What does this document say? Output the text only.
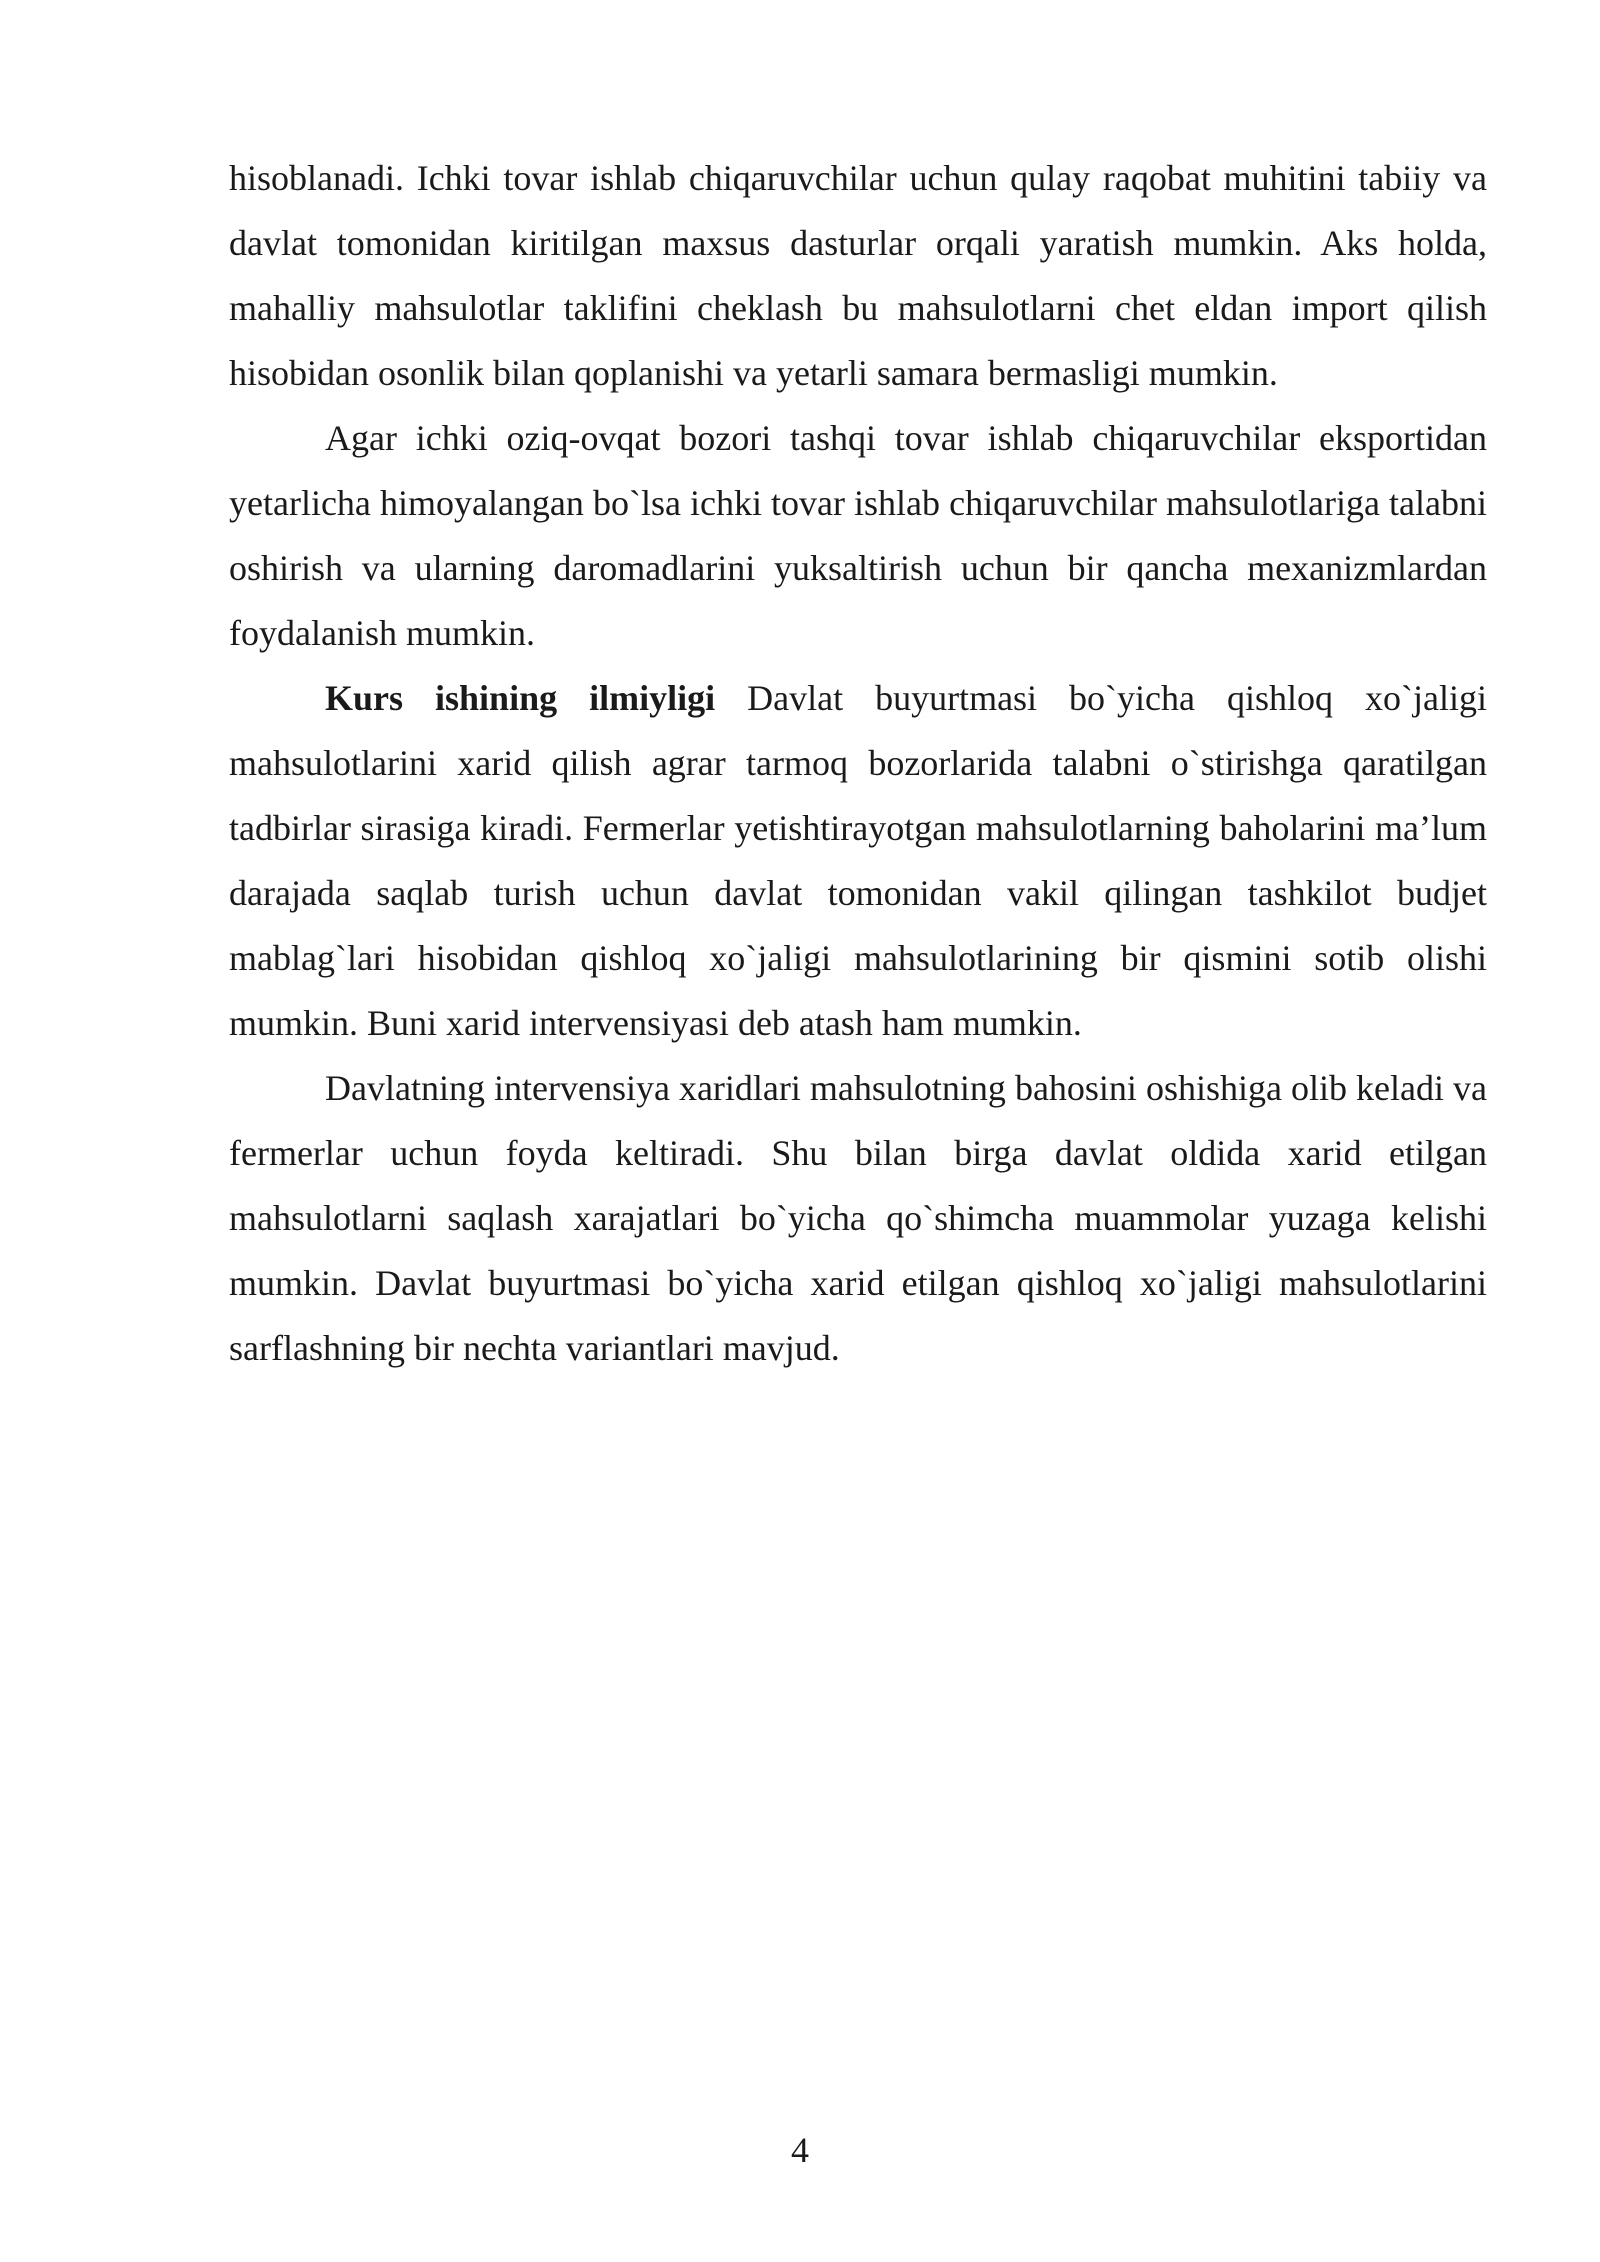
hisoblanadi. Ichki tovar ishlab chiqaruvchilar uchun qulay raqobat muhitini tabiiy va davlat tomonidan kiritilgan maxsus dasturlar orqali yaratish mumkin. Aks holda, mahalliy mahsulotlar taklifini cheklash bu mahsulotlarni chet eldan import qilish hisobidan osonlik bilan qoplanishi va yetarli samara bermasligi mumkin.

Agar ichki oziq-ovqat bozori tashqi tovar ishlab chiqaruvchilar eksportidan yetarlicha himoyalangan bo`lsa ichki tovar ishlab chiqaruvchilar mahsulotlariga talabni oshirish va ularning daromadlarini yuksaltirish uchun bir qancha mexanizmlardan foydalanish mumkin.

Kurs ishining ilmiyligi Davlat buyurtmasi bo`yicha qishloq xo`jaligi mahsulotlarini xarid qilish agrar tarmoq bozorlarida talabni o`stirishga qaratilgan tadbirlar sirasiga kiradi. Fermerlar yetishtirayotgan mahsulotlarning baholarini ma’lum darajada saqlab turish uchun davlat tomonidan vakil qilingan tashkilot budjet mablag`lari hisobidan qishloq xo`jaligi mahsulotlarining bir qismini sotib olishi mumkin. Buni xarid intervensiyasi deb atash ham mumkin.

Davlatning intervensiya xaridlari mahsulotning bahosini oshishiga olib keladi va fermerlar uchun foyda keltiradi. Shu bilan birga davlat oldida xarid etilgan mahsulotlarni saqlash xarajatlari bo`yicha qo`shimcha muammolar yuzaga kelishi mumkin. Davlat buyurtmasi bo`yicha xarid etilgan qishloq xo`jaligi mahsulotlarini sarflashning bir nechta variantlari mavjud.

4
